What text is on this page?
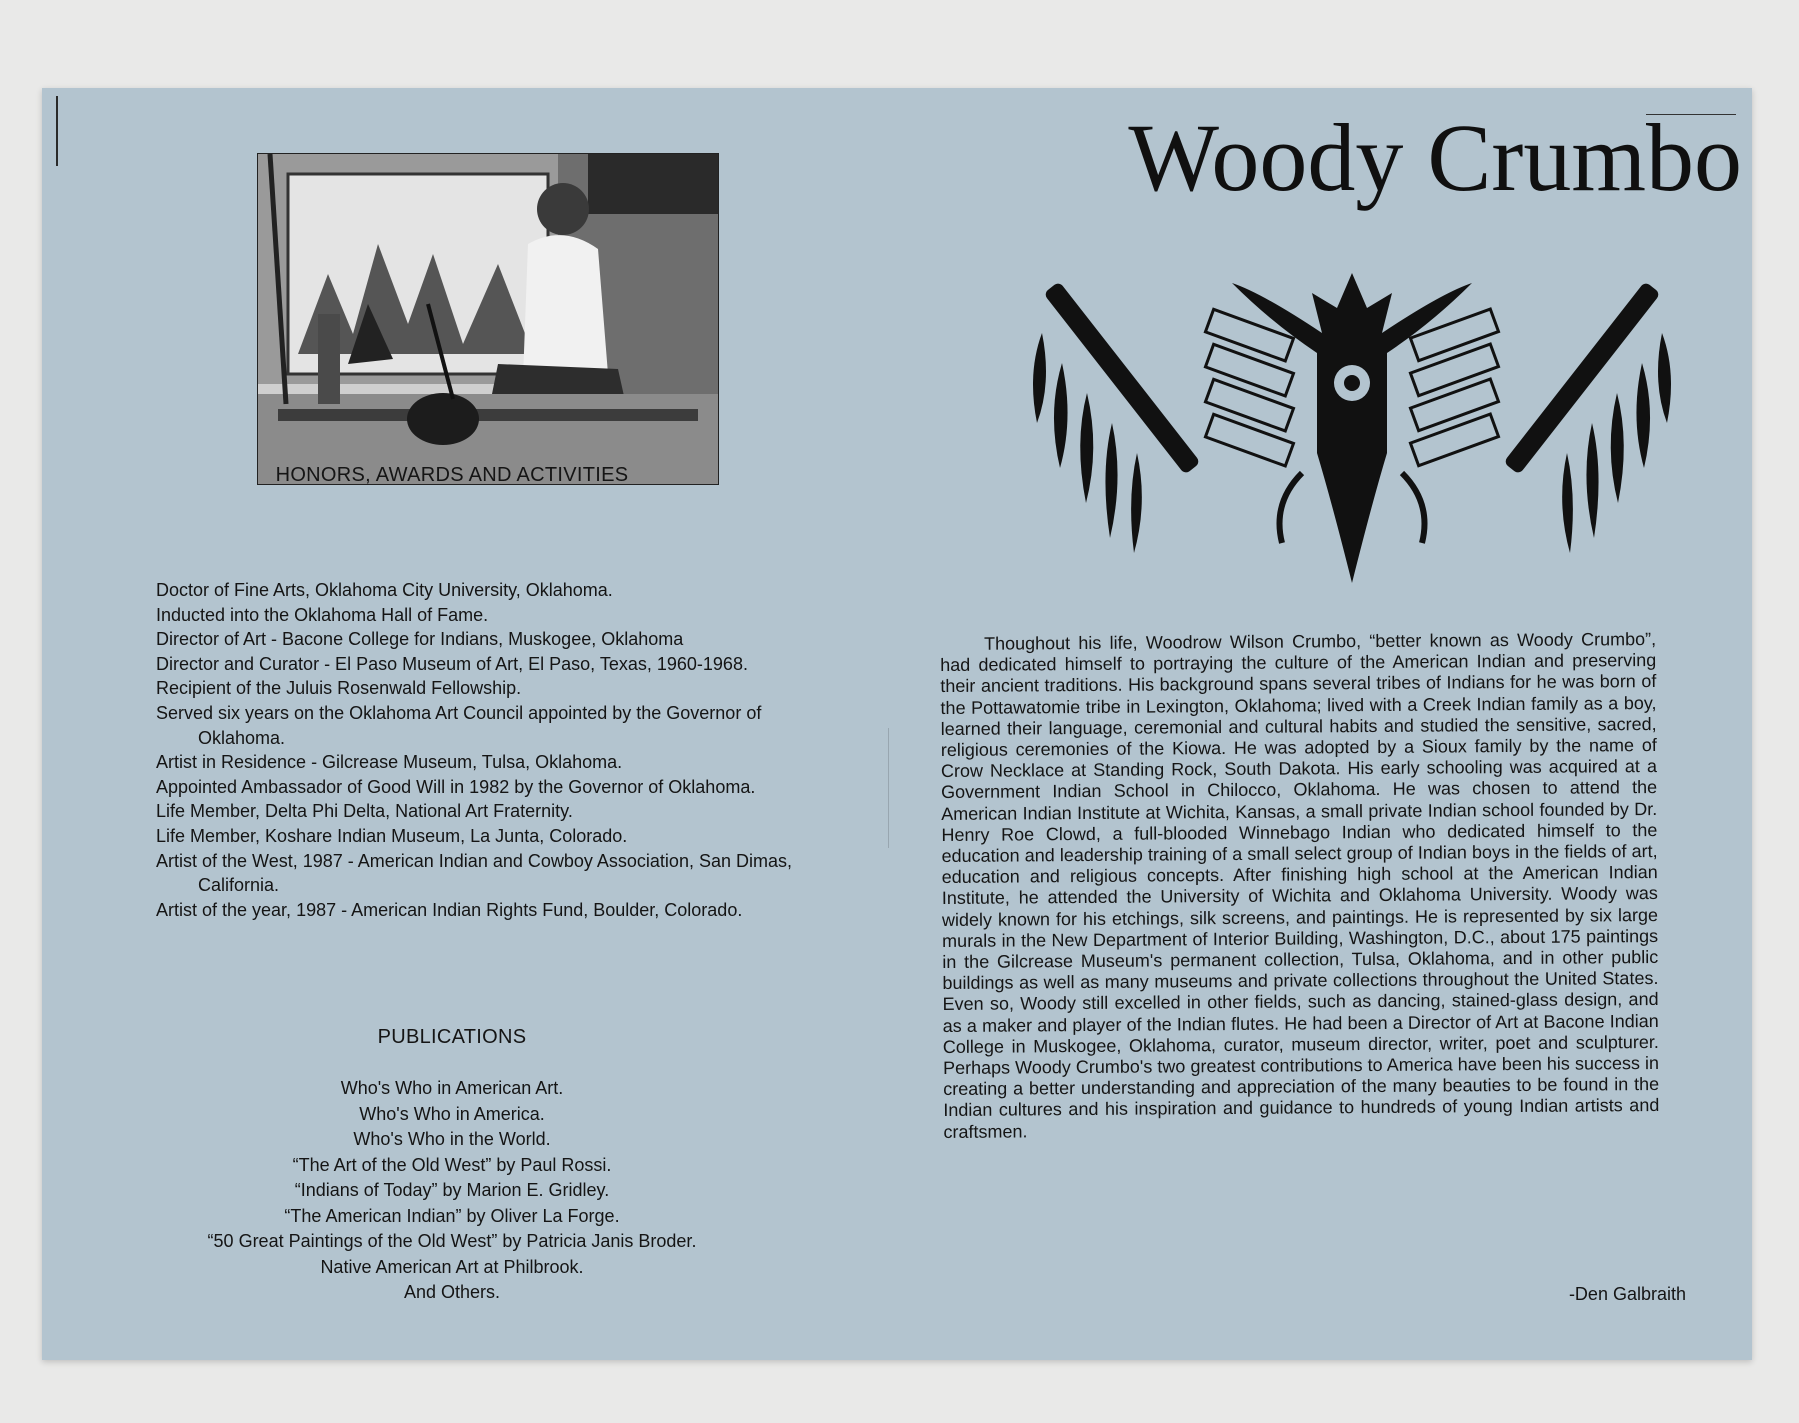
HONORS, AWARDS AND ACTIVITIES
Doctor of Fine Arts, Oklahoma City University, Oklahoma.
Inducted into the Oklahoma Hall of Fame.
Director of Art - Bacone College for Indians, Muskogee, Oklahoma
Director and Curator - El Paso Museum of Art, El Paso, Texas, 1960-1968.
Recipient of the Juluis Rosenwald Fellowship.
Served six years on the Oklahoma Art Council appointed by the Governor of Oklahoma.
Artist in Residence - Gilcrease Museum, Tulsa, Oklahoma.
Appointed Ambassador of Good Will in 1982 by the Governor of Oklahoma.
Life Member, Delta Phi Delta, National Art Fraternity.
Life Member, Koshare Indian Museum, La Junta, Colorado.
Artist of the West, 1987 - American Indian and Cowboy Association, San Dimas, California.
Artist of the year, 1987 - American Indian Rights Fund, Boulder, Colorado.
PUBLICATIONS
Who's Who in American Art.
Who's Who in America.
Who's Who in the World.
“The Art of the Old West” by Paul Rossi.
“Indians of Today” by Marion E. Gridley.
“The American Indian” by Oliver La Forge.
“50 Great Paintings of the Old West” by Patricia Janis Broder.
Native American Art at Philbrook.
And Others.
Woody Crumbo

Thoughout his life, Woodrow Wilson Crumbo, “better known as Woody Crumbo”, had dedicated himself to portraying the culture of the American Indian and preserving their ancient traditions. His background spans several tribes of Indians for he was born of the Pottawatomie tribe in Lexington, Oklahoma; lived with a Creek Indian family as a boy, learned their language, ceremonial and cultural habits and studied the sensitive, sacred, religious ceremonies of the Kiowa. He was adopted by a Sioux family by the name of Crow Necklace at Standing Rock, South Dakota. His early schooling was acquired at a Government Indian School in Chilocco, Oklahoma. He was chosen to attend the American Indian Institute at Wichita, Kansas, a small private Indian school founded by Dr. Henry Roe Clowd, a full-blooded Winnebago Indian who dedicated himself to the education and leadership training of a small select group of Indian boys in the fields of art, education and religious concepts. After finishing high school at the American Indian Institute, he attended the University of Wichita and Oklahoma University. Woody was widely known for his etchings, silk screens, and paintings. He is represented by six large murals in the New Department of Interior Building, Washington, D.C., about 175 paintings in the Gilcrease Museum's permanent collection, Tulsa, Oklahoma, and in other public buildings as well as many museums and private collections throughout the United States. Even so, Woody still excelled in other fields, such as dancing, stained-glass design, and as a maker and player of the Indian flutes. He had been a Director of Art at Bacone Indian College in Muskogee, Oklahoma, curator, museum director, writer, poet and sculpturer. Perhaps Woody Crumbo's two greatest contributions to America have been his success in creating a better understanding and appreciation of the many beauties to be found in the Indian cultures and his inspiration and guidance to hundreds of young Indian artists and craftsmen.

-Den Galbraith
